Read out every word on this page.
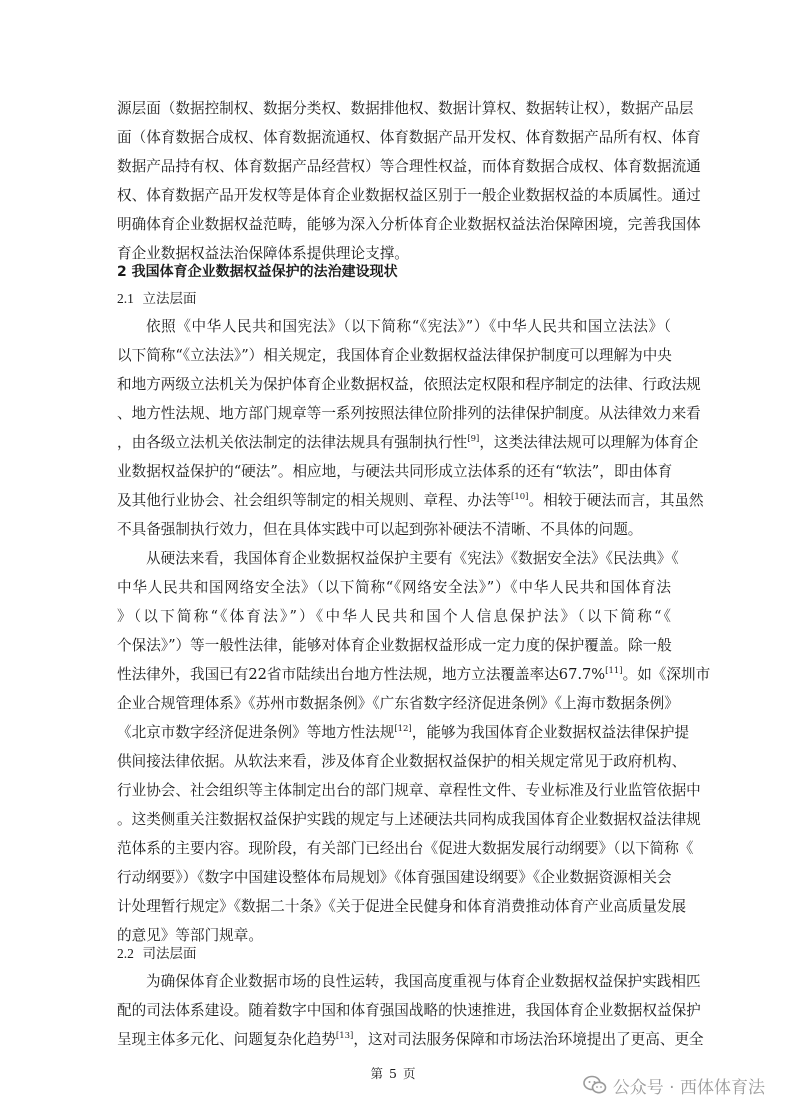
源层面（数据控制权、数据分类权、数据排他权、数据计算权、数据转让权），数据产品层
面（体育数据合成权、体育数据流通权、体育数据产品开发权、体育数据产品所有权、体育
数据产品持有权、体育数据产品经营权）等合理性权益，而体育数据合成权、体育数据流通
权、体育数据产品开发权等是体育企业数据权益区别于一般企业数据权益的本质属性。通过
明确体育企业数据权益范畴，能够为深入分析体育企业数据权益法治保障困境，完善我国体
育企业数据权益法治保障体系提供理论支撑。
2 我国体育企业数据权益保护的法治建设现状
2.1 立法层面
依照《中华人民共和国宪法》（以下简称“《宪法》”）《中华人民共和国立法法》（
以下简称“《立法法》”）相关规定，我国体育企业数据权益法律保护制度可以理解为中央
和地方两级立法机关为保护体育企业数据权益，依照法定权限和程序制定的法律、行政法规
、地方性法规、地方部门规章等一系列按照法律位阶排列的法律保护制度。从法律效力来看
，由各级立法机关依法制定的法律法规具有强制执行性[9]，这类法律法规可以理解为体育企
业数据权益保护的“硬法”。相应地，与硬法共同形成立法体系的还有“软法”，即由体育
及其他行业协会、社会组织等制定的相关规则、章程、办法等[10]。相较于硬法而言，其虽然
不具备强制执行效力，但在具体实践中可以起到弥补硬法不清晰、不具体的问题。
从硬法来看，我国体育企业数据权益保护主要有《宪法》《数据安全法》《民法典》《
中华人民共和国网络安全法》（以下简称“《网络安全法》”）《中华人民共和国体育法
》（以下简称“《体育法》”）《中华人民共和国个人信息保护法》（以下简称“《
个保法》”）等一般性法律，能够对体育企业数据权益形成一定力度的保护覆盖。除一般
性法律外，我国已有22省市陆续出台地方性法规，地方立法覆盖率达67.7%[11]。如《深圳市
企业合规管理体系》《苏州市数据条例》《广东省数字经济促进条例》《上海市数据条例》
《北京市数字经济促进条例》等地方性法规[12]，能够为我国体育企业数据权益法律保护提
供间接法律依据。从软法来看，涉及体育企业数据权益保护的相关规定常见于政府机构、
行业协会、社会组织等主体制定出台的部门规章、章程性文件、专业标准及行业监管依据中
。这类侧重关注数据权益保护实践的规定与上述硬法共同构成我国体育企业数据权益法律规
范体系的主要内容。现阶段，有关部门已经出台《促进大数据发展行动纲要》（以下简称《
行动纲要》）《数字中国建设整体布局规划》《体育强国建设纲要》《企业数据资源相关会
计处理暂行规定》《数据二十条》《关于促进全民健身和体育消费推动体育产业高质量发展
的意见》等部门规章。
2.2 司法层面
为确保体育企业数据市场的良性运转，我国高度重视与体育企业数据权益保护实践相匹
配的司法体系建设。随着数字中国和体育强国战略的快速推进，我国体育企业数据权益保护
呈现主体多元化、问题复杂化趋势[13]，这对司法服务保障和市场法治环境提出了更高、更全
第 5 页
公众号 · 西体体育法
